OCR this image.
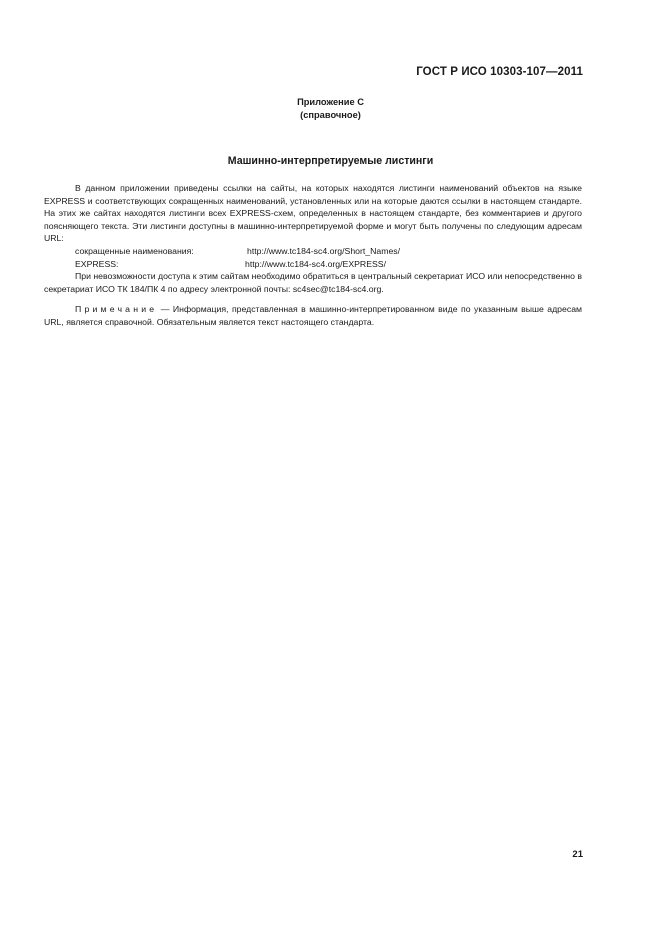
ГОСТ Р ИСО 10303-107—2011
Приложение С
(справочное)
Машинно-интерпретируемые листинги

В данном приложении приведены ссылки на сайты, на которых находятся листинги наименований объектов на языке EXPRESS и соответствующих сокращенных наименований, установленных или на которые даются ссылки в настоящем стандарте. На этих же сайтах находятся листинги всех EXPRESS-схем, определенных в настоящем стандарте, без комментариев и другого поясняющего текста. Эти листинги доступны в машинно-интерпретируемой форме и могут быть получены по следующим адресам URL:

сокращенные наименования:	http://www.tc184-sc4.org/Short_Names/
EXPRESS:	http://www.tc184-sc4.org/EXPRESS/

При невозможности доступа к этим сайтам необходимо обратиться в центральный секретариат ИСО или непосредственно в секретариат ИСО ТК 184/ПК 4 по адресу электронной почты: sc4sec@tc184-sc4.org.

Примечание — Информация, представленная в машинно-интерпретированном виде по указанным выше адресам URL, является справочной. Обязательным является текст настоящего стандарта.

21
